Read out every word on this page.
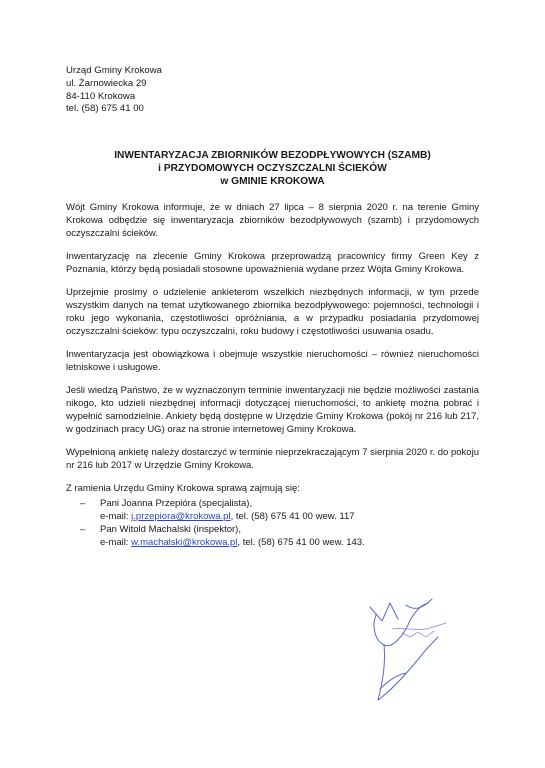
Urząd Gminy Krokowa
ul. Żarnowiecka 29
84-110 Krokowa
tel. (58) 675 41 00
INWENTARYZACJA ZBIORNIKÓW BEZODPŁYWOWYCH (SZAMB)
i PRZYDOMOWYCH OCZYSZCZALNI ŚCIEKÓW
w GMINIE KROKOWA

Wójt Gminy Krokowa informuje, że w dniach 27 lipca – 8 sierpnia 2020 r. na terenie Gminy Krokowa odbędzie się inwentaryzacja zbiorników bezodpływowych (szamb) i przydomowych oczyszczalni ścieków.

Inwentaryzację na zlecenie Gminy Krokowa przeprowadzą pracownicy firmy Green Key z Poznania, którzy będą posiadali stosowne upoważnienia wydane przez Wójta Gminy Krokowa.

Uprzejmie prosimy o udzielenie ankieterom wszelkich niezbędnych informacji, w tym przede wszystkim danych na temat użytkowanego zbiornika bezodpływowego: pojemności, technologii i roku jego wykonania, częstotliwości opróżniania, a w przypadku posiadania przydomowej oczyszczalni ścieków: typu oczyszczalni, roku budowy i częstotliwości usuwania osadu.

Inwentaryzacja jest obowiązkowa i obejmuje wszystkie nieruchomości – również nieruchomości letniskowe i usługowe.

Jeśli wiedzą Państwo, że w wyznaczonym terminie inwentaryzacji nie będzie możliwości zastania nikogo, kto udzieli niezbędnej informacji dotyczącej nieruchomości, to ankietę można pobrać i wypełnić samodzielnie. Ankiety będą dostępne w Urzędzie Gminy Krokowa (pokój nr 216 lub 217, w godzinach pracy UG) oraz na stronie internetowej Gminy Krokowa.

Wypełnioną ankietę należy dostarczyć w terminie nieprzekraczającym 7 sierpnia 2020 r. do pokoju nr 216 lub 2017 w Urzędzie Gminy Krokowa.

Z ramienia Urzędu Gminy Krokowa sprawą zajmują się:
– Pani Joanna Przepióra (specjalista),
e-mail: j.przepiora@krokowa.pl, tel. (58) 675 41 00 wew. 117
– Pan Witold Machalski (inspektor),
e-mail: w.machalski@krokowa.pl, tel. (58) 675 41 00 wew. 143.
